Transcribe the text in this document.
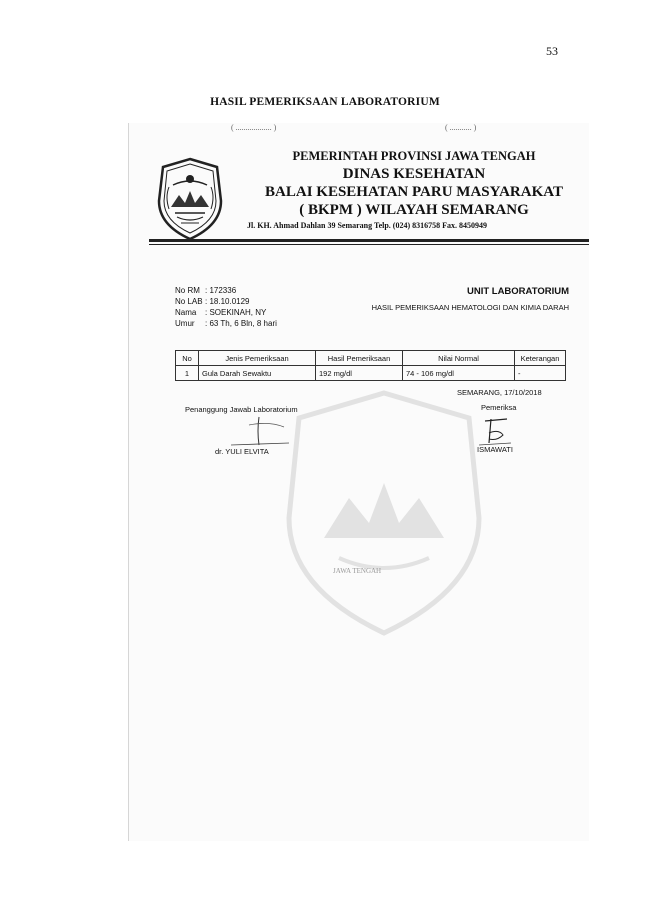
53
HASIL PEMERIKSAAN LABORATORIUM
( .................. )	( ........... )
PEMERINTAH PROVINSI JAWA TENGAH
DINAS KESEHATAN
BALAI KESEHATAN PARU MASYARAKAT
( BKPM ) WILAYAH SEMARANG
Jl. KH. Ahmad Dahlan 39 Semarang Telp. (024) 8316758 Fax. 8450949
JAWA TENGAH
No RM : 172336
No LAB : 18.10.0129
Nama	: SOEKINAH, NY
Umur	: 63 Th, 6 Bln, 8 hari
UNIT LABORATORIUM
HASIL PEMERIKSAAN HEMATOLOGI DAN KIMIA DARAH
No	Jenis Pemeriksaan	Hasil Pemeriksaan	Nilai Normal	Keterangan
1	Gula Darah Sewaktu	192 mg/dl	74 - 106 mg/dl	-
SEMARANG, 17/10/2018
Pemeriksa
Penanggung Jawab Laboratorium
dr. YULI ELVITA	ISMAWATI
